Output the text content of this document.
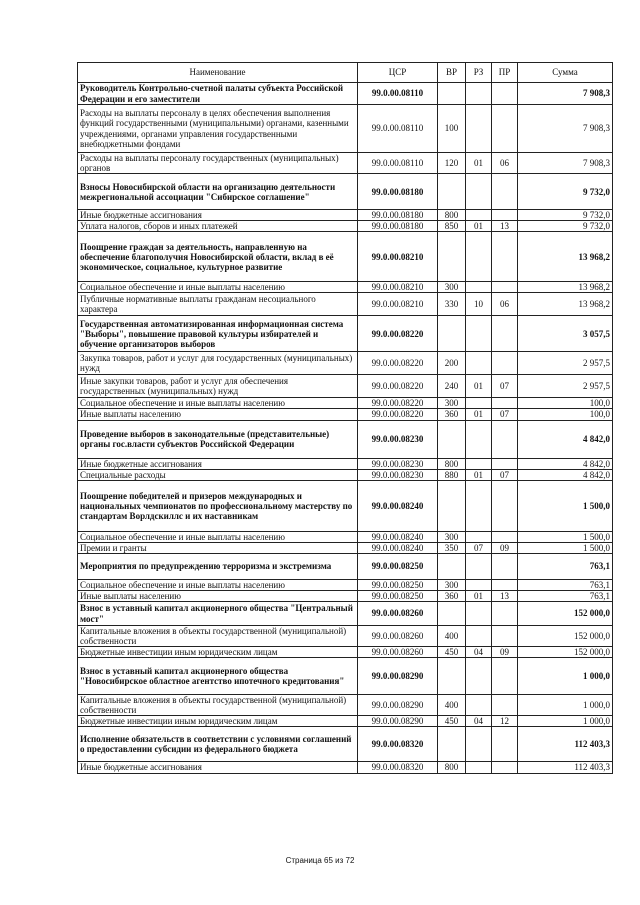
Наименование	ЦСР	ВР	РЗ	ПР	Сумма
Руководитель Контрольно-счетной палаты субъекта Российской Федерации и его заместители	99.0.00.08110				7 908,3
Расходы на выплаты персоналу в целях обеспечения выполнения функций государственными (муниципальными) органами, казенными учреждениями, органами управления государственными внебюджетными фондами	99.0.00.08110	100			7 908,3
Расходы на выплаты персоналу государственных (муниципальных) органов	99.0.00.08110	120	01	06	7 908,3
Взносы Новосибирской области на организацию деятельности межрегиональной ассоциации "Сибирское соглашение"	99.0.00.08180				9 732,0
Иные бюджетные ассигнования	99.0.00.08180	800			9 732,0
Уплата налогов, сборов и иных платежей	99.0.00.08180	850	01	13	9 732,0
Поощрение граждан за деятельность, направленную на обеспечение благополучия Новосибирской области, вклад в её экономическое, социальное, культурное развитие	99.0.00.08210				13 968,2
Социальное обеспечение и иные выплаты населению	99.0.00.08210	300			13 968,2
Публичные нормативные выплаты гражданам несоциального характера	99.0.00.08210	330	10	06	13 968,2
Государственная автоматизированная информационная система "Выборы", повышение правовой культуры избирателей и обучение организаторов выборов	99.0.00.08220				3 057,5
Закупка товаров, работ и услуг для государственных (муниципальных) нужд	99.0.00.08220	200			2 957,5
Иные закупки товаров, работ и услуг для обеспечения государственных (муниципальных) нужд	99.0.00.08220	240	01	07	2 957,5
Социальное обеспечение и иные выплаты населению	99.0.00.08220	300			100,0
Иные выплаты населению	99.0.00.08220	360	01	07	100,0
Проведение выборов в законодательные (представительные) органы гос.власти субъектов Российской Федерации	99.0.00.08230				4 842,0
Иные бюджетные ассигнования	99.0.00.08230	800			4 842,0
Специальные расходы	99.0.00.08230	880	01	07	4 842,0
Поощрение победителей и призеров международных и национальных чемпионатов по профессиональному мастерству по стандартам Ворлдскиллс и их наставникам	99.0.00.08240				1 500,0
Социальное обеспечение и иные выплаты населению	99.0.00.08240	300			1 500,0
Премии и гранты	99.0.00.08240	350	07	09	1 500,0
Мероприятия по предупреждению терроризма и экстремизма	99.0.00.08250				763,1
Социальное обеспечение и иные выплаты населению	99.0.00.08250	300			763,1
Иные выплаты населению	99.0.00.08250	360	01	13	763,1
Взнос в уставный капитал акционерного общества "Центральный мост"	99.0.00.08260				152 000,0
Капитальные вложения в объекты государственной (муниципальной) собственности	99.0.00.08260	400			152 000,0
Бюджетные инвестиции иным юридическим лицам	99.0.00.08260	450	04	09	152 000,0
Взнос в уставный капитал акционерного общества "Новосибирское областное агентство ипотечного кредитования"	99.0.00.08290				1 000,0
Капитальные вложения в объекты государственной (муниципальной) собственности	99.0.00.08290	400			1 000,0
Бюджетные инвестиции иным юридическим лицам	99.0.00.08290	450	04	12	1 000,0
Исполнение обязательств в соответствии с условиями соглашений о предоставлении субсидии из федерального бюджета	99.0.00.08320				112 403,3
Иные бюджетные ассигнования	99.0.00.08320	800			112 403,3
Страница 65 из 72
